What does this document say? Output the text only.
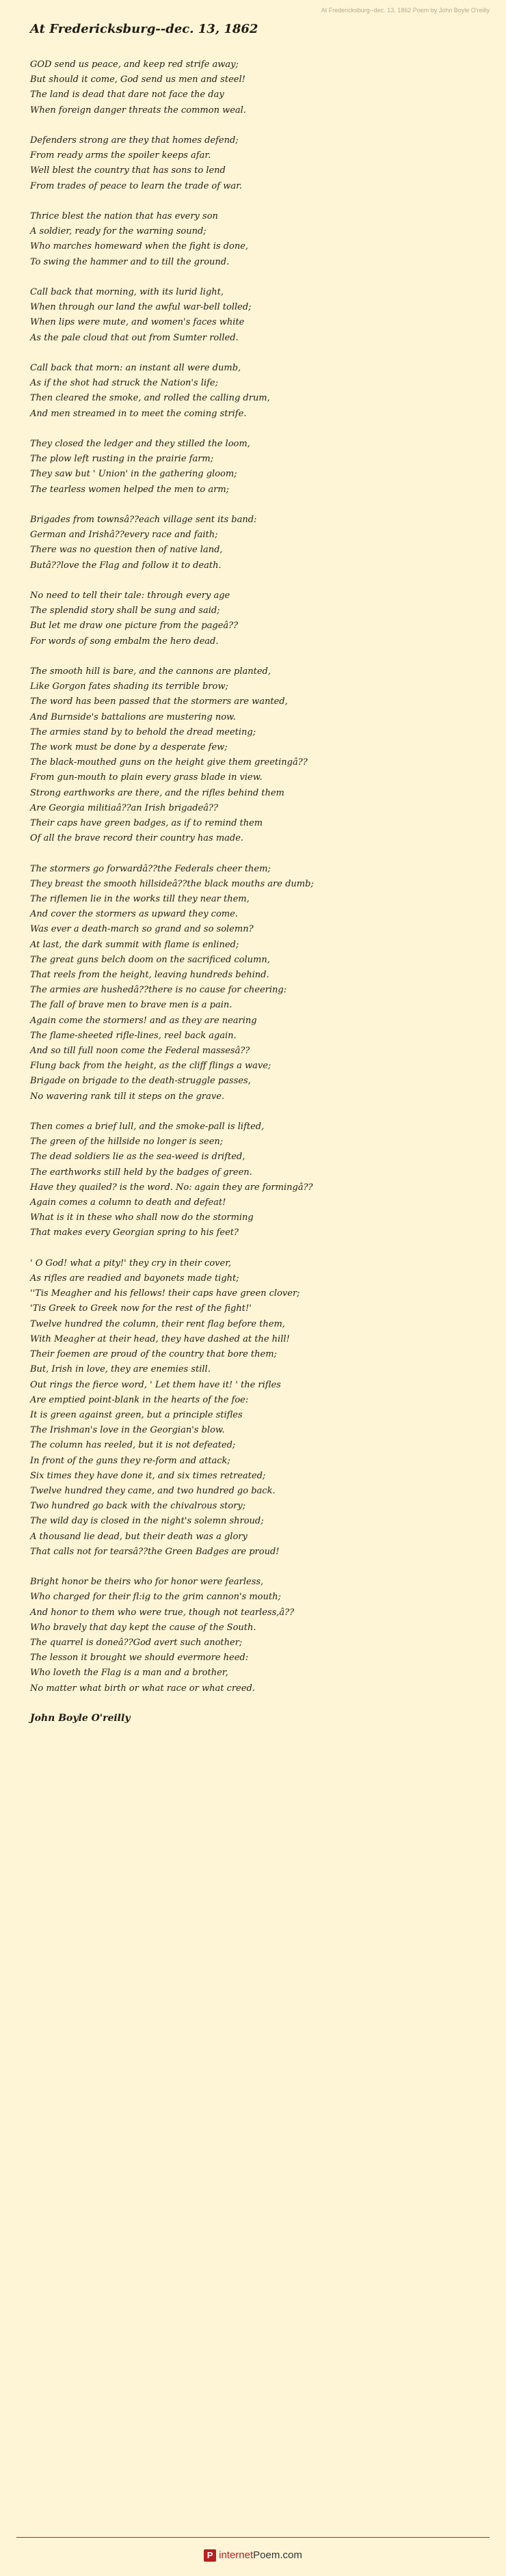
At Fredericksburg--dec. 13, 1862 Poem by John Boyle O'reilly
At Fredericksburg--dec. 13, 1862
GOD send us peace, and keep red strife away;
But should it come, God send us men and steel!
The land is dead that dare not face the day
When foreign danger threats the common weal.
Defenders strong are they that homes defend;
From ready arms the spoiler keeps afar.
Well blest the country that has sons to lend
From trades of peace to learn the trade of war.
Thrice blest the nation that has every son
A soldier, ready for the warning sound;
Who marches homeward when the fight is done,
To swing the hammer and to till the ground.
Call back that morning, with its lurid light,
When through our land the awful war-bell tolled;
When lips were mute, and women's faces white
As the pale cloud that out from Sumter rolled.
Call back that morn: an instant all were dumb,
As if the shot had struck the Nation's life;
Then cleared the smoke, and rolled the calling drum,
And men streamed in to meet the coming strife.
They closed the ledger and they stilled the loom,
The plow left rusting in the prairie farm;
They saw but ' Union' in the gathering gloom;
The tearless women helped the men to arm;
Brigades from townsâ??each village sent its band:
German and Irishâ??every race and faith;
There was no question then of native land,
Butâ??love the Flag and follow it to death.
No need to tell their tale: through every age
The splendid story shall be sung and said;
But let me draw one picture from the pageâ??
For words of song embalm the hero dead.
The smooth hill is bare, and the cannons are planted,
Like Gorgon fates shading its terrible brow;
The word has been passed that the stormers are wanted,
And Burnside's battalions are mustering now.
The armies stand by to behold the dread meeting;
The work must be done by a desperate few;
The black-mouthed guns on the height give them greetingâ??
From gun-mouth to plain every grass blade in view.
Strong earthworks are there, and the rifles behind them
Are Georgia militiaâ??an Irish brigadeâ??
Their caps have green badges, as if to remind them
Of all the brave record their country has made.
The stormers go forwardâ??the Federals cheer them;
They breast the smooth hillsideâ??the black mouths are dumb;
The riflemen lie in the works till they near them,
And cover the stormers as upward they come.
Was ever a death-march so grand and so solemn?
At last, the dark summit with flame is enlined;
The great guns belch doom on the sacrificed column,
That reels from the height, leaving hundreds behind.
The armies are hushedâ??there is no cause for cheering:
The fall of brave men to brave men is a pain.
Again come the stormers! and as they are nearing
The flame-sheeted rifle-lines, reel back again.
And so till full noon come the Federal massesâ??
Flung back from the height, as the cliff flings a wave;
Brigade on brigade to the death-struggle passes,
No wavering rank till it steps on the grave.
Then comes a brief lull, and the smoke-pall is lifted,
The green of the hillside no longer is seen;
The dead soldiers lie as the sea-weed is drifted,
The earthworks still held by the badges of green.
Have they quailed? is the word. No: again they are formingâ??
Again comes a column to death and defeat!
What is it in these who shall now do the storming
That makes every Georgian spring to his feet?
' O God! what a pity!' they cry in their cover,
As rifles are readied and bayonets made tight;
''Tis Meagher and his fellows! their caps have green clover;
'Tis Greek to Greek now for the rest of the fight!'
Twelve hundred the column, their rent flag before them,
With Meagher at their head, they have dashed at the hill!
Their foemen are proud of the country that bore them;
But, Irish in love, they are enemies still.
Out rings the fierce word, ' Let them have it! ' the rifles
Are emptied point-blank in the hearts of the foe:
It is green against green, but a principle stifles
The Irishman's love in the Georgian's blow.
The column has reeled, but it is not defeated;
In front of the guns they re-form and attack;
Six times they have done it, and six times retreated;
Twelve hundred they came, and two hundred go back.
Two hundred go back with the chivalrous story;
The wild day is closed in the night's solemn shroud;
A thousand lie dead, but their death was a glory
That calls not for tearsâ??the Green Badges are proud!
Bright honor be theirs who for honor were fearless,
Who charged for their fl:ig to the grim cannon's mouth;
And honor to them who were true, though not tearless,â??
Who bravely that day kept the cause of the South.
The quarrel is doneâ??God avert such another;
The lesson it brought we should evermore heed:
Who loveth the Flag is a man and a brother,
No matter what birth or what race or what creed.
John Boyle O'reilly
P internetPoem.com
